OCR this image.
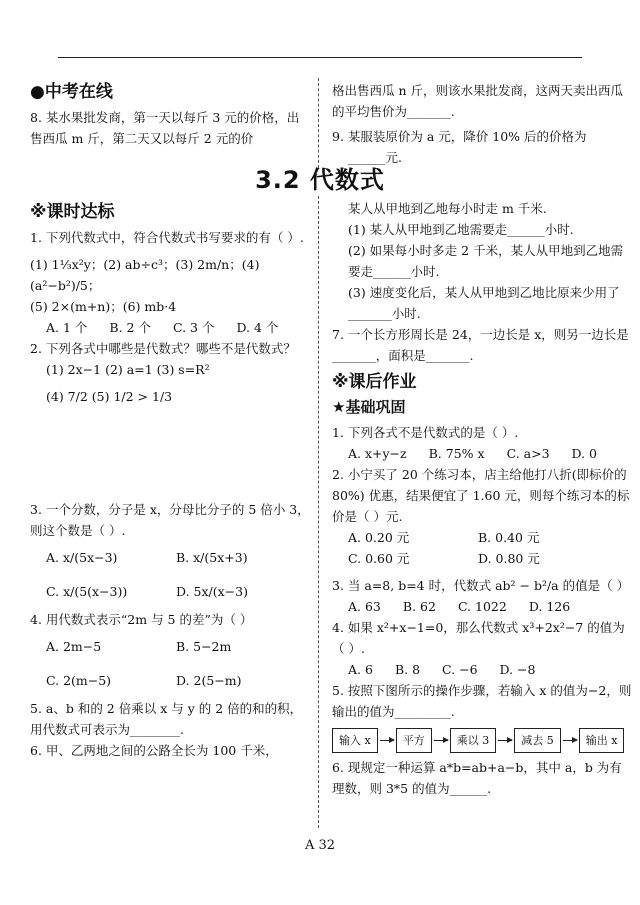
●中考在线

8. 某水果批发商，第一天以每斤 3 元的价格，出售西瓜 m 斤，第二天又以每斤 2 元的价

格出售西瓜 n 斤，则该水果批发商，这两天卖出西瓜的平均售价为_______.

9. 某服装原价为 a 元，降价 10% 后的价格为

______元.

3.2 代数式
※课时达标

1. 下列代数式中，符合代数式书写要求的有（ ）.

(1) 1⅓x²y；(2) ab÷c³；(3) 2m/n；(4) (a²−b²)/5；

(5) 2×(m+n)；(6) mb·4

A. 1 个 B. 2 个 C. 3 个 D. 4 个

2. 下列各式中哪些是代数式？哪些不是代数式？

(1) 2x−1 (2) a=1 (3) s=R²

(4) 7/2 (5) 1/2 > 1/3

3. 一个分数，分子是 x，分母比分子的 5 倍小 3，则这个数是（ ）.

A. x/(5x−3)	B. x/(5x+3)
C. x/(5(x−3))	D. 5x/(x−3)

4. 用代数式表示“2m 与 5 的差”为（ ）

A. 2m−5	B. 5−2m
C. 2(m−5)	D. 2(5−m)

5. a、b 和的 2 倍乘以 x 与 y 的 2 倍的和的积，用代数式可表示为________.

6. 甲、乙两地之间的公路全长为 100 千米，

某人从甲地到乙地每小时走 m 千米.

(1) 某人从甲地到乙地需要走______小时.

(2) 如果每小时多走 2 千米，某人从甲地到乙地需要走______小时.

(3) 速度变化后，某人从甲地到乙地比原来少用了_______小时.

7. 一个长方形周长是 24，一边长是 x，则另一边长是_______，面积是_______.

※课后作业
★基础巩固

1. 下列各式不是代数式的是（ ）.

A. x+y−z B. 75% x C. a>3 D. 0

2. 小宁买了 20 个练习本，店主给他打八折(即标价的 80%) 优惠，结果便宜了 1.60 元，则每个练习本的标价是（ ）元.

A. 0.20 元	B. 0.40 元
C. 0.60 元	D. 0.80 元

3. 当 a=8, b=4 时，代数式 ab² − b²/a 的值是（ ）

A. 63 B. 62 C. 1022 D. 126

4. 如果 x²+x−1=0，那么代数式 x³+2x²−7 的值为（ ）.

A. 6 B. 8 C. −6 D. −8

5. 按照下图所示的操作步骤，若输入 x 的值为−2，则输出的值为_________.

输入 x	平方	乘以 3	减去 5	输出 x

6. 现规定一种运算 a*b=ab+a−b，其中 a，b 为有理数，则 3*5 的值为______.

A 32
